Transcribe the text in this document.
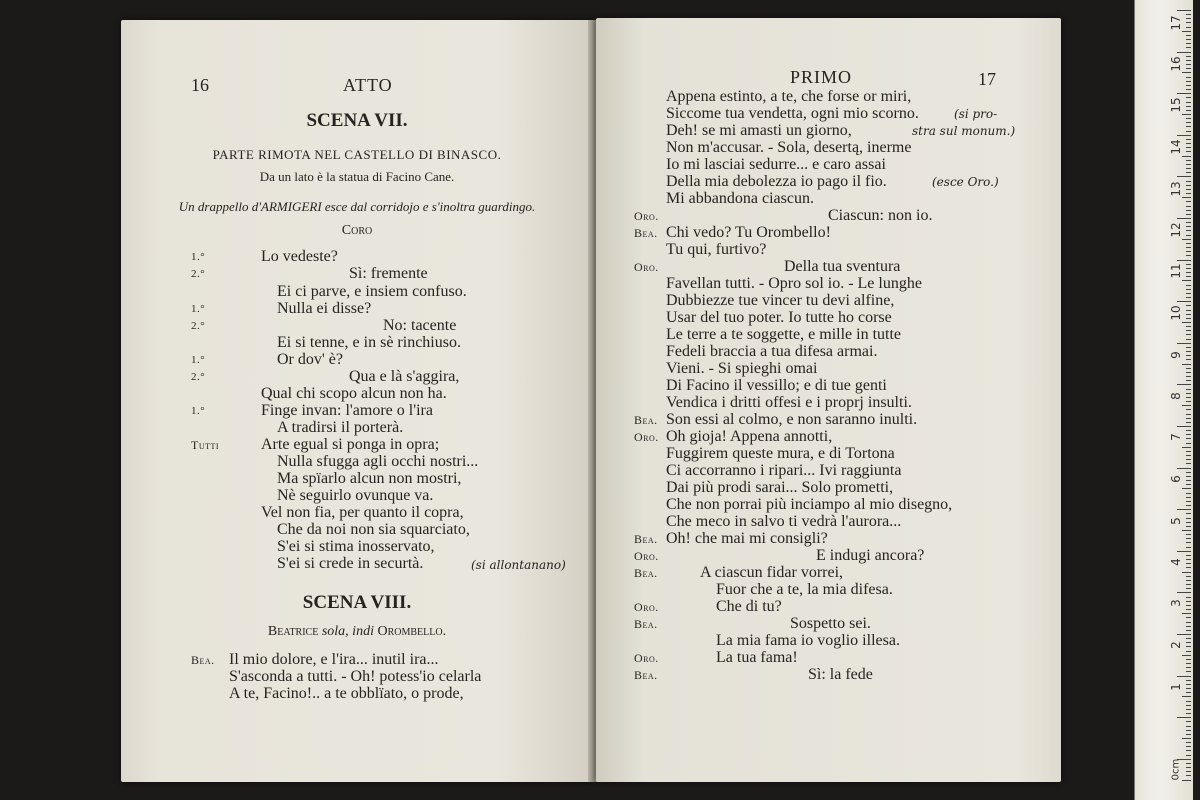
16	ATTO
SCENA VII.
PARTE RIMOTA NEL CASTELLO DI BINASCO.
Da un lato è la statua di Facino Cane.
Un drappello d'ARMIGERI esce dal corridojo e s'inoltra guardingo.
Coro
1.°	Lo vedeste?
2.°	Sì: fremente
Ei ci parve, e insiem confuso.
1.°	Nulla ei disse?
2.°	No: tacente
Ei si tenne, e in sè rinchiuso.
1.°	Or dov' è?
2.°	Qua e là s'aggira,
Qual chi scopo alcun non ha.
1.°	Finge invan: l'amore o l'ira
A tradirsi il porterà.
Tutti	Arte egual si ponga in opra;
Nulla sfugga agli occhi nostri...
Ma spïarlo alcun non mostri,
Nè seguirlo ovunque va.
Vel non fia, per quanto il copra,
Che da noi non sia squarciato,
S'ei si stima inosservato,
S'ei si crede in securtà.	(si allontanano)
SCENA VIII.
Beatrice sola, indi Orombello.
Bea. Il mio dolore, e l'ira... inutil ira...
S'asconda a tutti. - Oh! potess'io celarla
A te, Facino!.. a te obblïato, o prode,
PRIMO	17
Appena estinto, a te, che forse or miri,
Siccome tua vendetta, ogni mio scorno.	(si pro-
Deh! se mi amasti un giorno,	stra sul monum.)
Non m'accusar. - Sola, desertą, inerme
Io mi lasciai sedurre... e caro assai
Della mia debolezza io pago il fio.	(esce Oro.)
Mi abbandona ciascun.
Oro.	Ciascun: non io.
Bea. Chi vedo? Tu Orombello!
Tu qui, furtivo?
Oro.	Della tua sventura
Favellan tutti. - Opro sol io. - Le lunghe
Dubbiezze tue vincer tu devi alfine,
Usar del tuo poter. Io tutte ho corse
Le terre a te soggette, e mille in tutte
Fedeli braccia a tua difesa armai.
Vieni. - Si spieghi omai
Di Facino il vessillo; e di tue genti
Vendica i dritti offesi e i proprj insulti.
Bea. Son essi al colmo, e non saranno inulti.
Oro. Oh gioja! Appena annotti,
Fuggirem queste mura, e di Tortona
Ci accorranno i ripari... Ivi raggiunta
Dai più prodi sarai... Solo prometti,
Che non porrai più inciampo al mio disegno,
Che meco in salvo ti vedrà l'aurora...
Bea. Oh! che mai mi consigli?
Oro.	E indugi ancora?
Bea.	A ciascun fidar vorrei,
Fuor che a te, la mia difesa.
Oro.	Che di tu?
Bea.	Sospetto sei.
La mia fama io voglio illesa.
Oro.	La tua fama!
Bea.	Sì: la fede
17
16
15
14
13
12
11
10
9
8
7
6
5
4
3
2
1
0cm
